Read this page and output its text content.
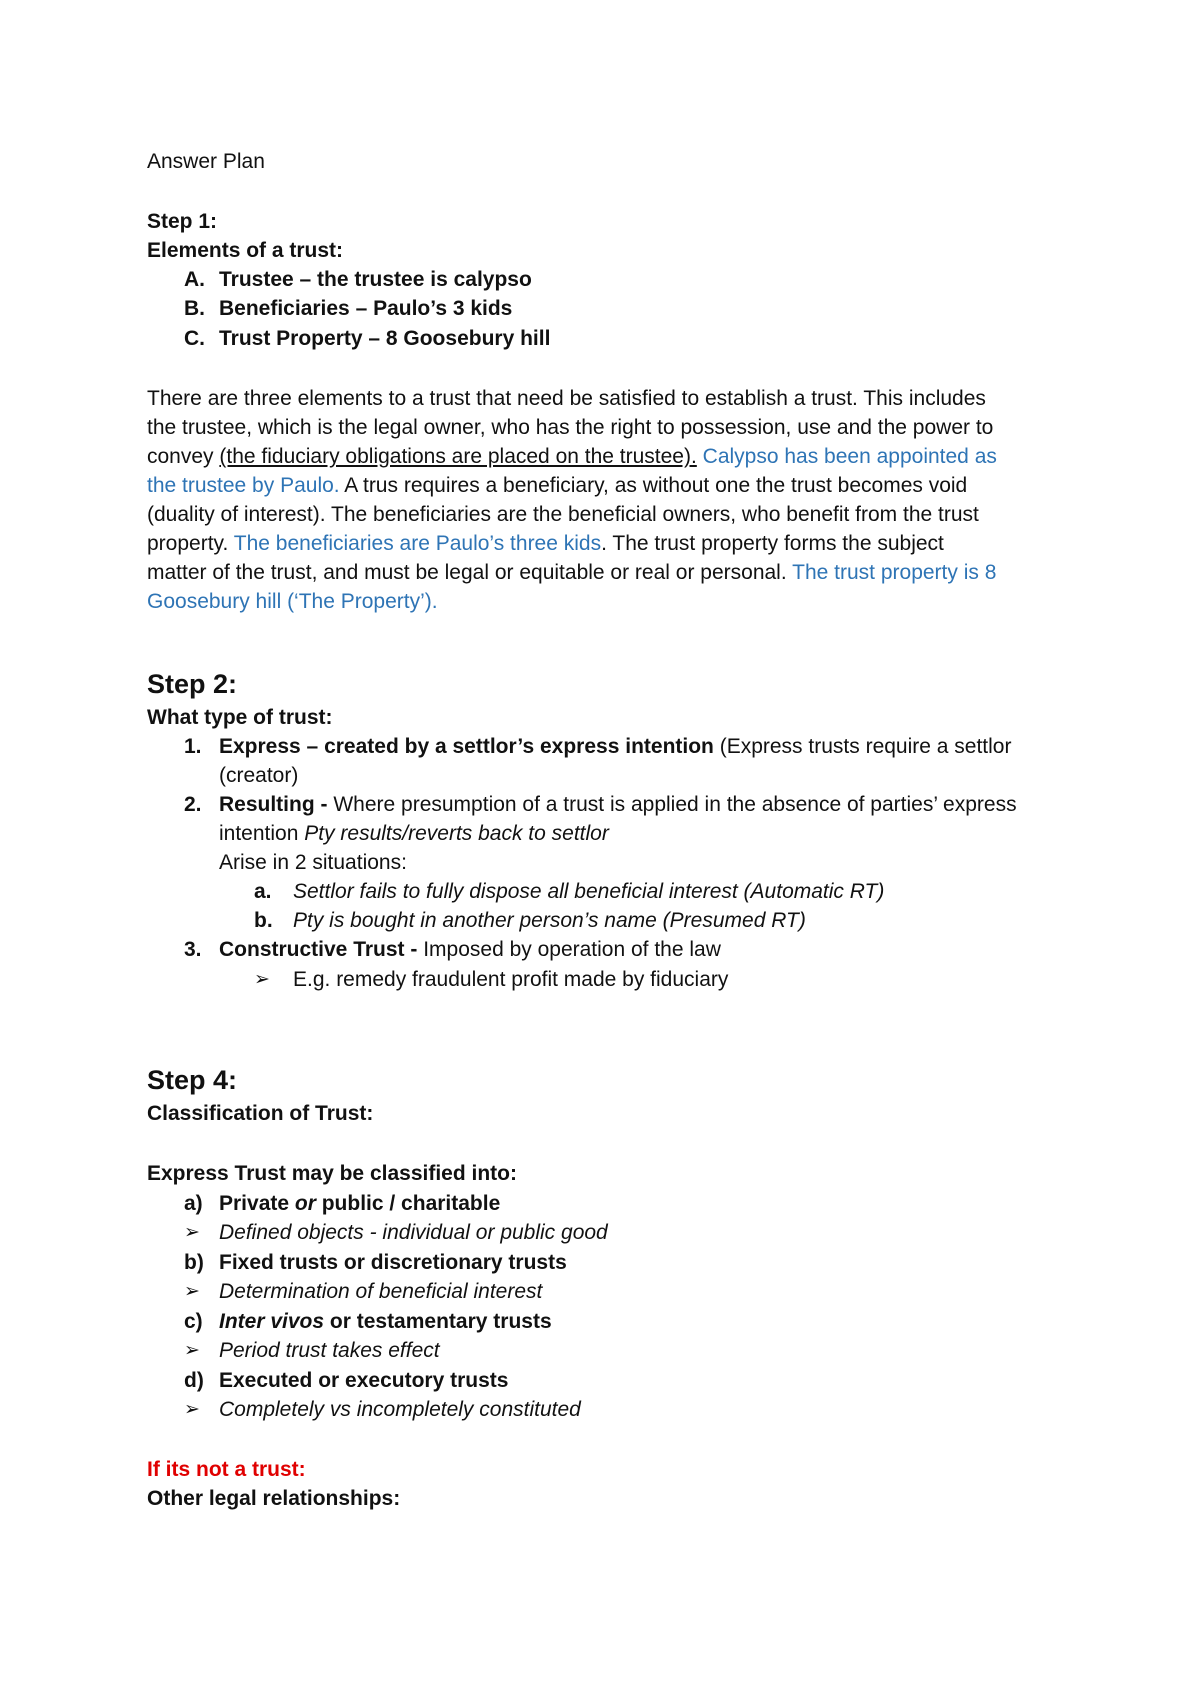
Answer Plan
Step 1:
Elements of a trust:
A. Trustee – the trustee is calypso
B. Beneficiaries – Paulo’s 3 kids
C. Trust Property – 8 Goosebury hill
There are three elements to a trust that need be satisfied to establish a trust. This includes
the trustee, which is the legal owner, who has the right to possession, use and the power to
convey (the fiduciary obligations are placed on the trustee). Calypso has been appointed as
the trustee by Paulo. A trus requires a beneficiary, as without one the trust becomes void
(duality of interest). The beneficiaries are the beneficial owners, who benefit from the trust
property. The beneficiaries are Paulo’s three kids. The trust property forms the subject
matter of the trust, and must be legal or equitable or real or personal. The trust property is 8
Goosebury hill (‘The Property’).
Step 2:
What type of trust:
1. Express – created by a settlor’s express intention (Express trusts require a settlor
(creator)
2. Resulting - Where presumption of a trust is applied in the absence of parties’ express
intention Pty results/reverts back to settlor
Arise in 2 situations:
a. Settlor fails to fully dispose all beneficial interest (Automatic RT)
b. Pty is bought in another person’s name (Presumed RT)
3. Constructive Trust - Imposed by operation of the law
➢ E.g. remedy fraudulent profit made by fiduciary
Step 4:
Classification of Trust:
Express Trust may be classified into:
a) Private or public / charitable
➢ Defined objects - individual or public good
b) Fixed trusts or discretionary trusts
➢ Determination of beneficial interest
c) Inter vivos or testamentary trusts
➢ Period trust takes effect
d) Executed or executory trusts
➢ Completely vs incompletely constituted
If its not a trust:
Other legal relationships:
